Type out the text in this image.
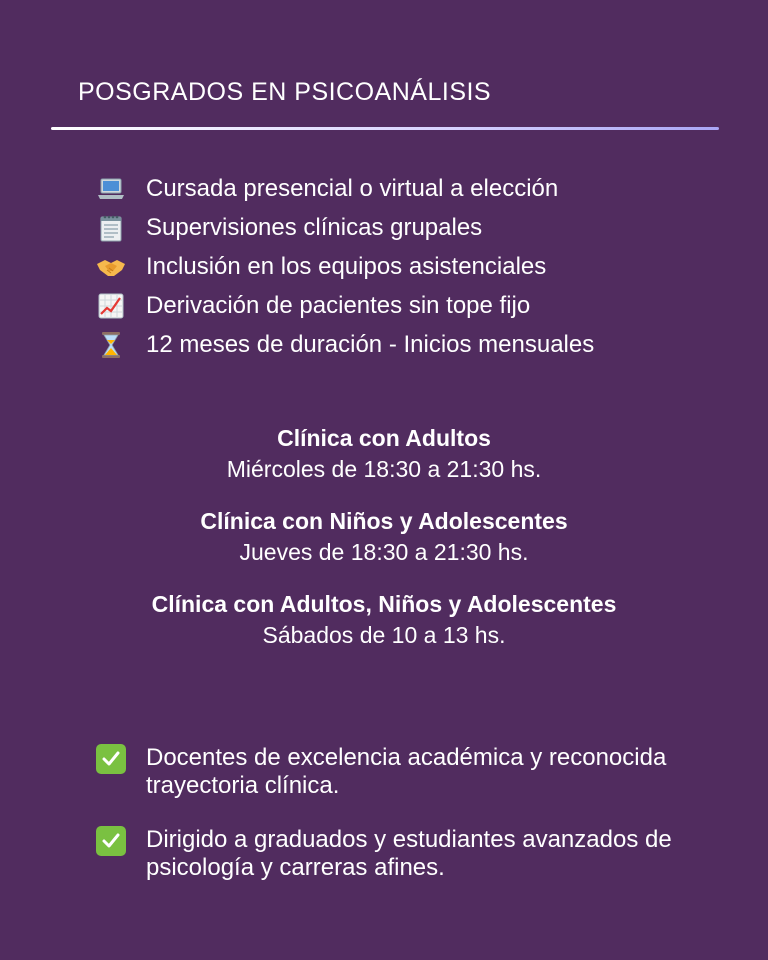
POSGRADOS EN PSICOANÁLISIS
Cursada presencial o virtual a elección
Supervisiones clínicas grupales
Inclusión en los equipos asistenciales
Derivación de pacientes sin tope fijo
12 meses de duración - Inicios mensuales
Clínica con Adultos
Miércoles de 18:30 a 21:30 hs.
Clínica con Niños y Adolescentes
Jueves de 18:30 a 21:30 hs.
Clínica con Adultos, Niños y Adolescentes
Sábados de 10 a 13 hs.
Docentes de excelencia académica y reconocida trayectoria clínica.
Dirigido a graduados y estudiantes avanzados de psicología y carreras afines.
